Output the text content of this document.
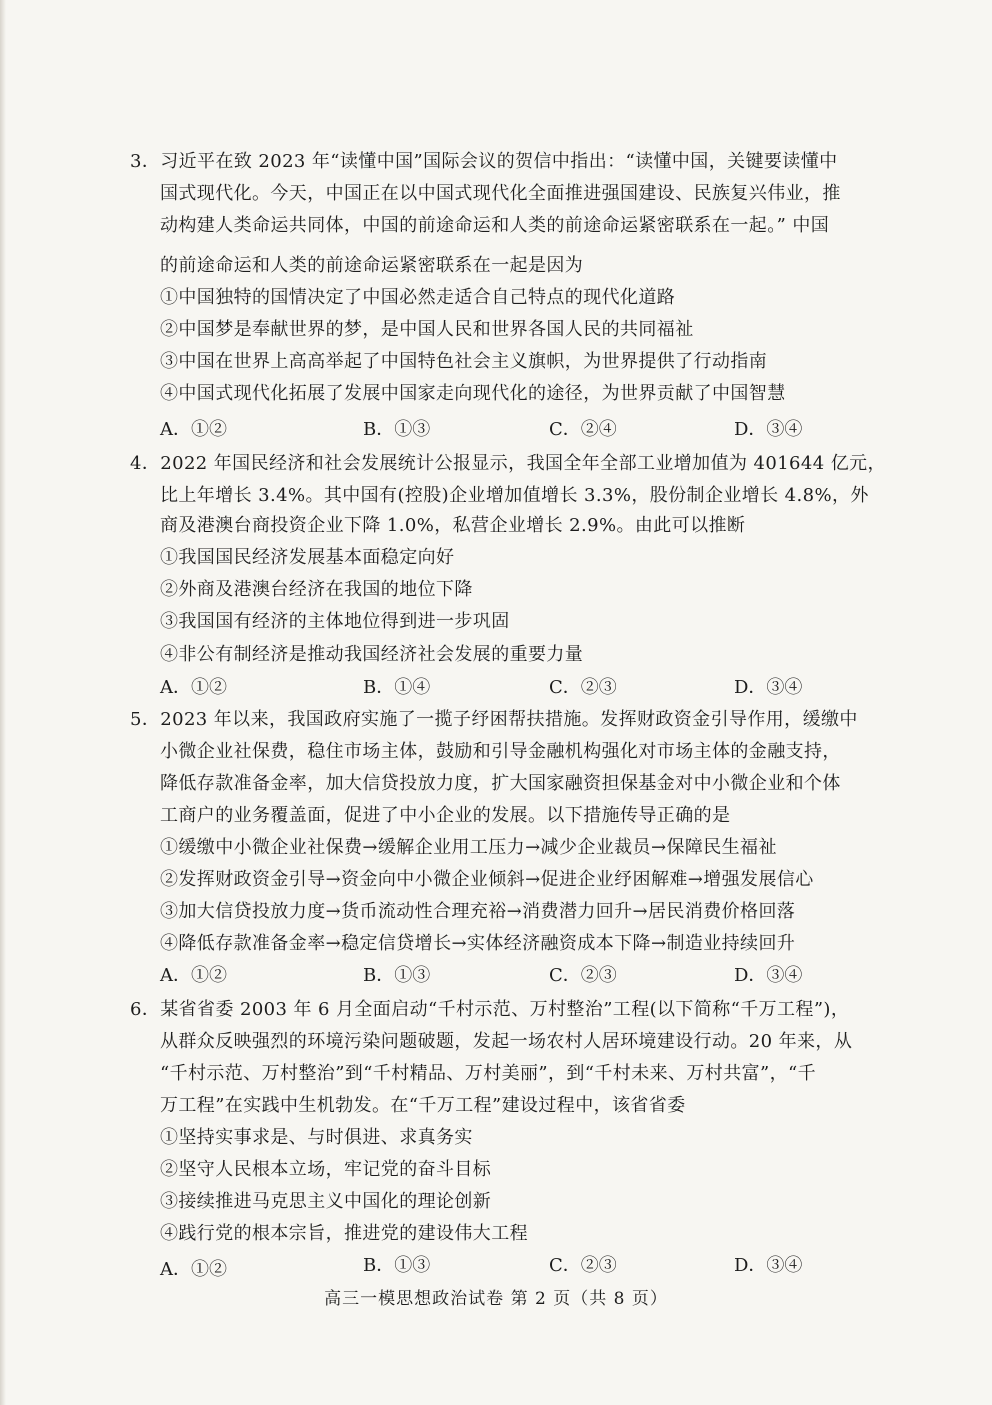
3．习近平在致 2023 年“读懂中国”国际会议的贺信中指出：“读懂中国，关键要读懂中
国式现代化。今天，中国正在以中国式现代化全面推进强国建设、民族复兴伟业，推
动构建人类命运共同体，中国的前途命运和人类的前途命运紧密联系在一起。” 中国
的前途命运和人类的前途命运紧密联系在一起是因为
①中国独特的国情决定了中国必然走适合自己特点的现代化道路
②中国梦是奉献世界的梦，是中国人民和世界各国人民的共同福祉
③中国在世界上高高举起了中国特色社会主义旗帜，为世界提供了行动指南
④中国式现代化拓展了发展中国家走向现代化的途径，为世界贡献了中国智慧
A．①②	B．①③	C．②④	D．③④
4．2022 年国民经济和社会发展统计公报显示，我国全年全部工业增加值为 401644 亿元，
比上年增长 3.4%。其中国有(控股)企业增加值增长 3.3%，股份制企业增长 4.8%，外
商及港澳台商投资企业下降 1.0%，私营企业增长 2.9%。由此可以推断
①我国国民经济发展基本面稳定向好
②外商及港澳台经济在我国的地位下降
③我国国有经济的主体地位得到进一步巩固
④非公有制经济是推动我国经济社会发展的重要力量
A．①②	B．①④	C．②③	D．③④
5．2023 年以来，我国政府实施了一揽子纾困帮扶措施。发挥财政资金引导作用，缓缴中
小微企业社保费，稳住市场主体，鼓励和引导金融机构强化对市场主体的金融支持，
降低存款准备金率，加大信贷投放力度，扩大国家融资担保基金对中小微企业和个体
工商户的业务覆盖面，促进了中小企业的发展。以下措施传导正确的是
①缓缴中小微企业社保费→缓解企业用工压力→减少企业裁员→保障民生福祉
②发挥财政资金引导→资金向中小微企业倾斜→促进企业纾困解难→增强发展信心
③加大信贷投放力度→货币流动性合理充裕→消费潜力回升→居民消费价格回落
④降低存款准备金率→稳定信贷增长→实体经济融资成本下降→制造业持续回升
A．①②	B．①③	C．②③	D．③④
6．某省省委 2003 年 6 月全面启动“千村示范、万村整治”工程(以下简称“千万工程”)，
从群众反映强烈的环境污染问题破题，发起一场农村人居环境建设行动。20 年来，从
“千村示范、万村整治”到“千村精品、万村美丽”，到“千村未来、万村共富”，“千
万工程”在实践中生机勃发。在“千万工程”建设过程中，该省省委
①坚持实事求是、与时俱进、求真务实
②坚守人民根本立场，牢记党的奋斗目标
③接续推进马克思主义中国化的理论创新
④践行党的根本宗旨，推进党的建设伟大工程
A．①②	B．①③	C．②③	D．③④
高三一模思想政治试卷 第 2 页（共 8 页）
